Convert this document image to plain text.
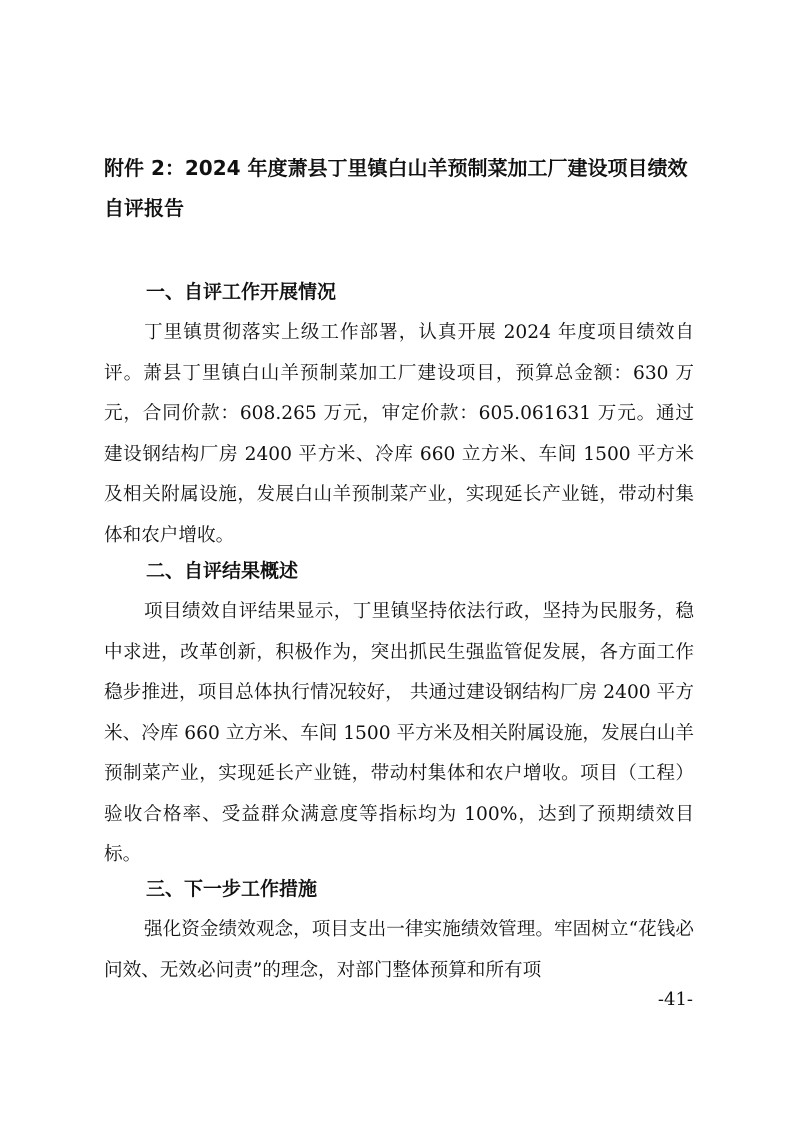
附件 2：2024 年度萧县丁里镇白山羊预制菜加工厂建设项目绩效自评报告
一、自评工作开展情况

丁里镇贯彻落实上级工作部署，认真开展 2024 年度项目绩效自评。萧县丁里镇白山羊预制菜加工厂建设项目，预算总金额：630 万元，合同价款：608.265 万元，审定价款：605.061631 万元。通过建设钢结构厂房 2400 平方米、冷库 660 立方米、车间 1500 平方米及相关附属设施，发展白山羊预制菜产业，实现延长产业链，带动村集体和农户增收。

二、自评结果概述

项目绩效自评结果显示，丁里镇坚持依法行政，坚持为民服务，稳中求进，改革创新，积极作为，突出抓民生强监管促发展，各方面工作稳步推进，项目总体执行情况较好， 共通过建设钢结构厂房 2400 平方米、冷库 660 立方米、车间 1500 平方米及相关附属设施，发展白山羊预制菜产业，实现延长产业链，带动村集体和农户增收。项目（工程）验收合格率、受益群众满意度等指标均为 100%，达到了预期绩效目标。

三、下一步工作措施

强化资金绩效观念，项目支出一律实施绩效管理。牢固树立“花钱必问效、无效必问责”的理念，对部门整体预算和所有项

-41-
